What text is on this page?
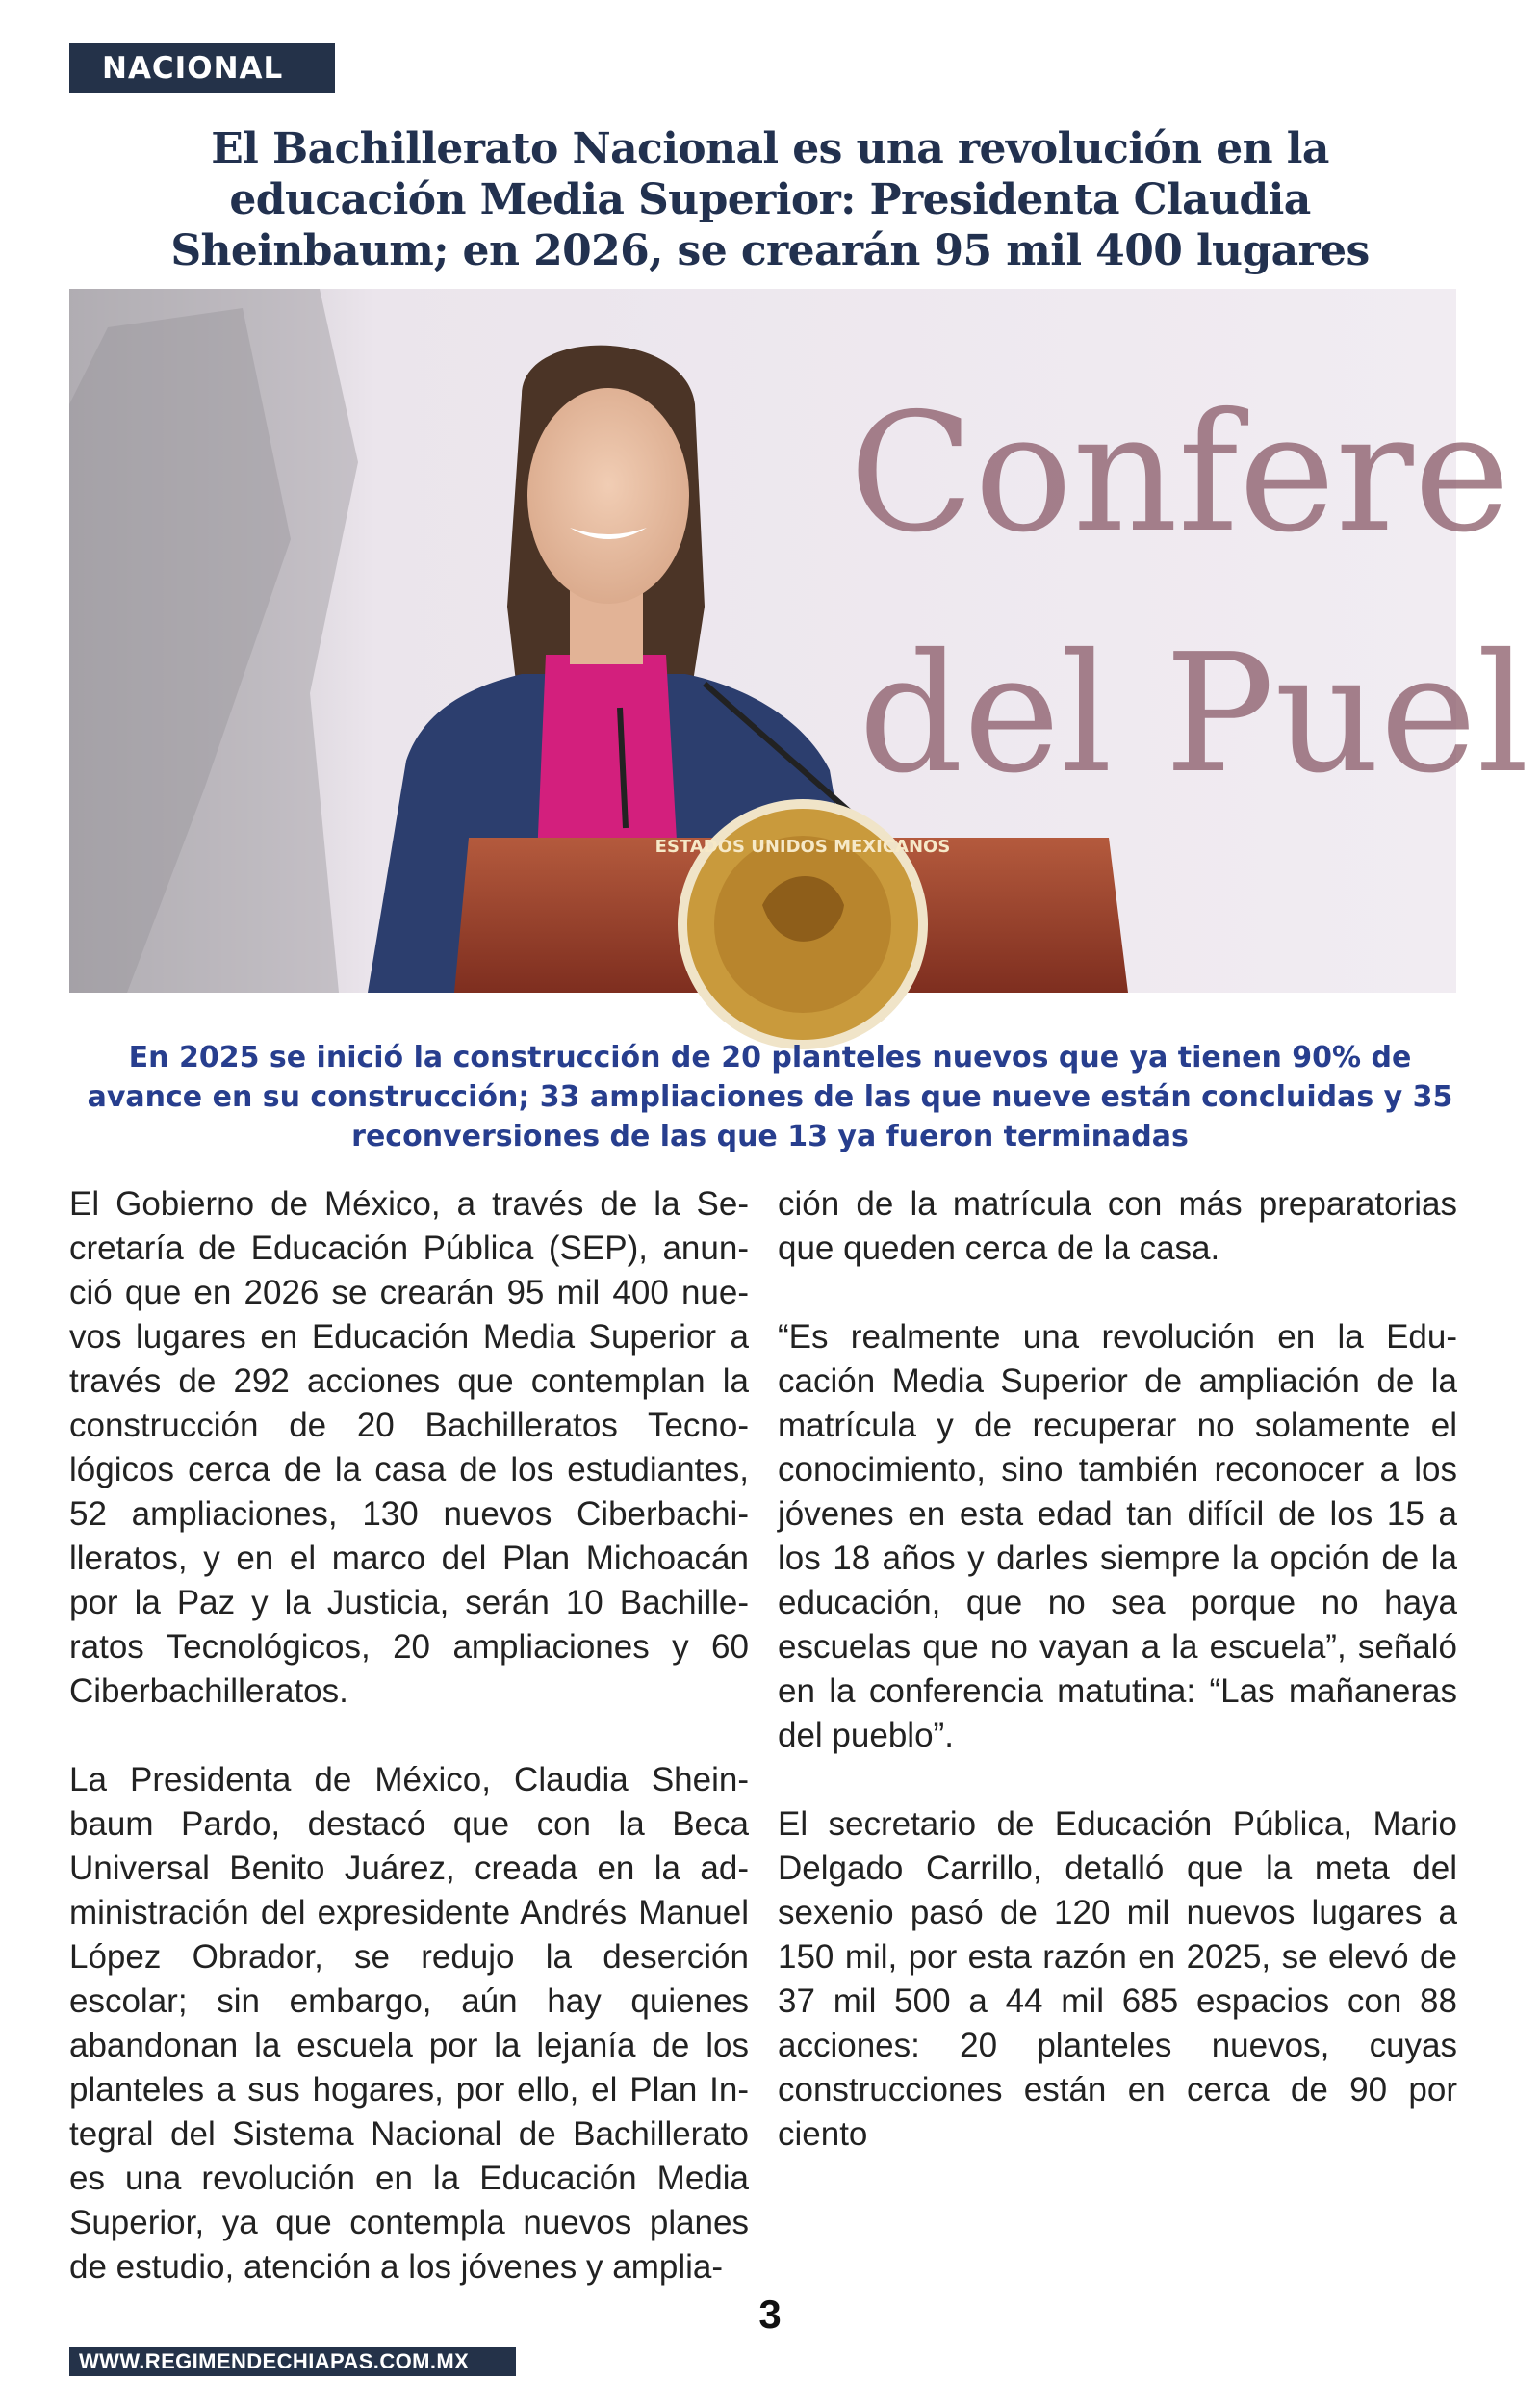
NACIONAL
El Bachillerato Nacional es una revolución en la educación Media Superior: Presidenta Claudia Sheinbaum; en 2026, se crearán 95 mil 400 lugares
Confere
del Puel
ESTADOS UNIDOS MEXICANOS

En 2025 se inició la construcción de 20 planteles nuevos que ya tienen 90% de avance en su construcción; 33 ampliaciones de las que nueve están concluidas y 35 reconversiones de las que 13 ya fueron terminadas

El Gobierno de México, a través de la Secretaría de Educación Pública (SEP), anunció que en 2026 se crearán 95 mil 400 nuevos lugares en Educación Media Superior a través de 292 acciones que contemplan la construcción de 20 Bachilleratos Tecnológicos cerca de la casa de los estudiantes, 52 ampliaciones, 130 nuevos Ciberbachilleratos, y en el marco del Plan Michoacán por la Paz y la Justicia, serán 10 Bachilleratos Tecnológicos, 20 ampliaciones y 60 Ciberbachilleratos.

La Presidenta de México, Claudia Sheinbaum Pardo, destacó que con la Beca Universal Benito Juárez, creada en la administración del expresidente Andrés Manuel López Obrador, se redujo la deserción escolar; sin embargo, aún hay quienes abandonan la escuela por la lejanía de los planteles a sus hogares, por ello, el Plan Integral del Sistema Nacional de Bachillerato es una revolución en la Educación Media Superior, ya que contempla nuevos planes de estudio, atención a los jóvenes y amplia-

ción de la matrícula con más preparatorias que queden cerca de la casa.

“Es realmente una revolución en la Educación Media Superior de ampliación de la matrícula y de recuperar no solamente el conocimiento, sino también reconocer a los jóvenes en esta edad tan difícil de los 15 a los 18 años y darles siempre la opción de la educación, que no sea porque no haya escuelas que no vayan a la escuela”, señaló en la conferencia matutina: “Las mañaneras del pueblo”.

El secretario de Educación Pública, Mario Delgado Carrillo, detalló que la meta del sexenio pasó de 120 mil nuevos lugares a 150 mil, por esta razón en 2025, se elevó de 37 mil 500 a 44 mil 685 espacios con 88 acciones: 20 planteles nuevos, cuyas construcciones están en cerca de 90 por ciento

3
WWW.REGIMENDECHIAPAS.COM.MX
